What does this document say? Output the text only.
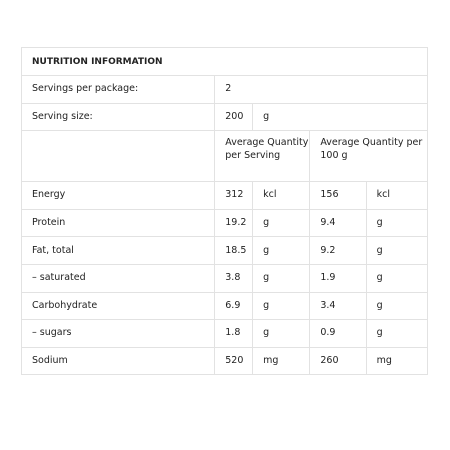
NUTRITION INFORMATION				
Servings per package:	2			
Serving size:	200	g		
	Average Quantity per Serving		Average Quantity per 100 g	
Energy	312	kcl	156	kcl
Protein	19.2	g	9.4	g
Fat, total	18.5	g	9.2	g
– saturated	3.8	g	1.9	g
Carbohydrate	6.9	g	3.4	g
– sugars	1.8	g	0.9	g
Sodium	520	mg	260	mg
